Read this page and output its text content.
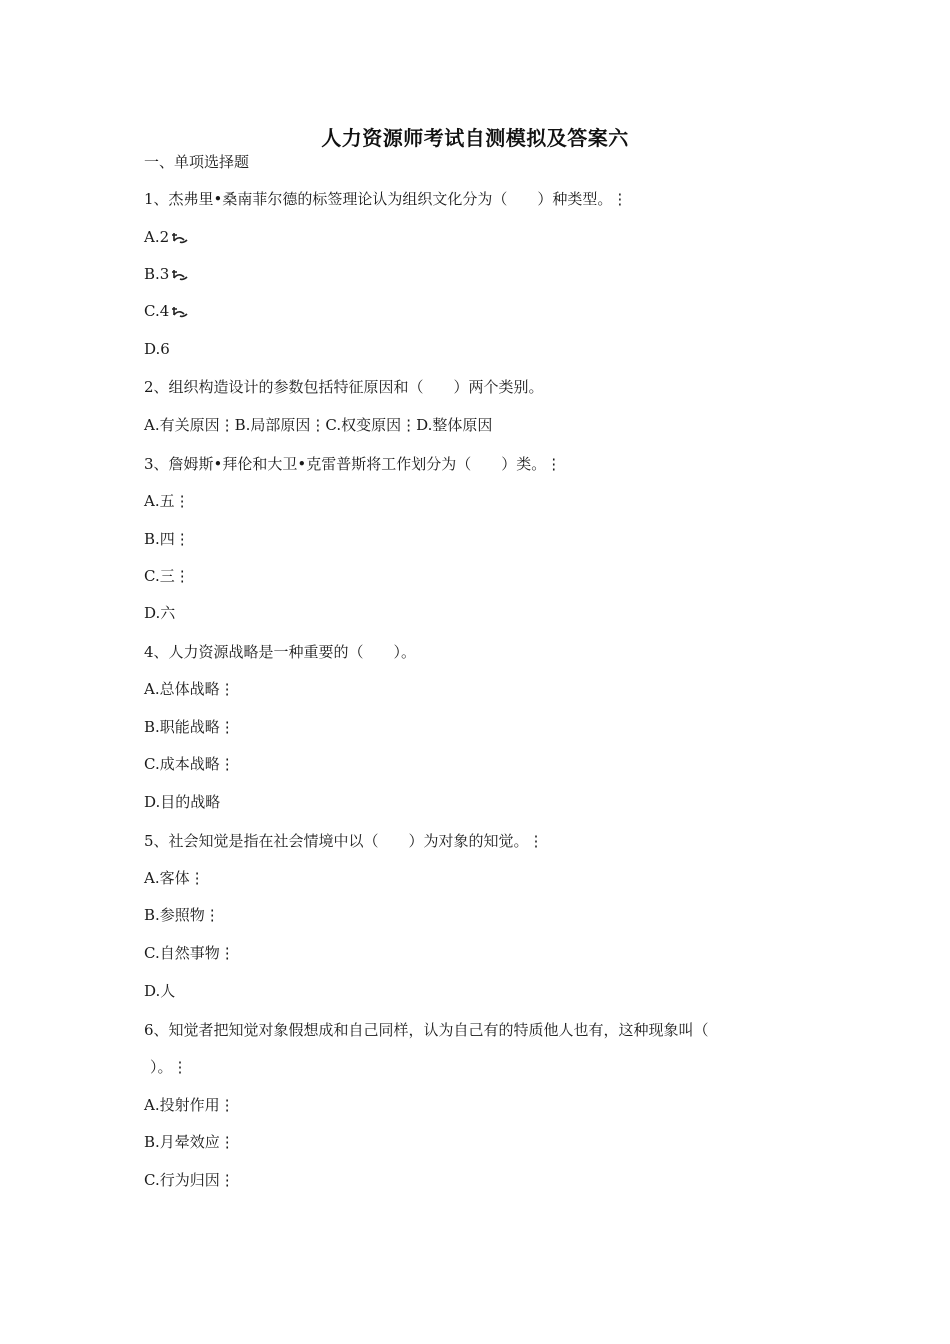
人力资源师考试自测模拟及答案六
一、单项选择题
1、杰弗里•桑南菲尔德的标签理论认为组织文化分为（　　）种类型。⋮
A.2
B.3
C.4
D.6
2、组织构造设计的参数包括特征原因和（　　）两个类别。
A.有关原因⋮B.局部原因⋮C.权变原因⋮D.整体原因
3、詹姆斯•拜伦和大卫•克雷普斯将工作划分为（　　）类。⋮
A.五⋮
B.四⋮
C.三⋮
D.六
4、人力资源战略是一种重要的（　　）。
A.总体战略⋮
B.职能战略⋮
C.成本战略⋮
D.目的战略
5、社会知觉是指在社会情境中以（　　）为对象的知觉。⋮
A.客体⋮
B.参照物⋮
C.自然事物⋮
D.人
6、知觉者把知觉对象假想成和自己同样，认为自己有的特质他人也有，这种现象叫（
）。⋮
A.投射作用⋮
B.月晕效应⋮
C.行为归因⋮
